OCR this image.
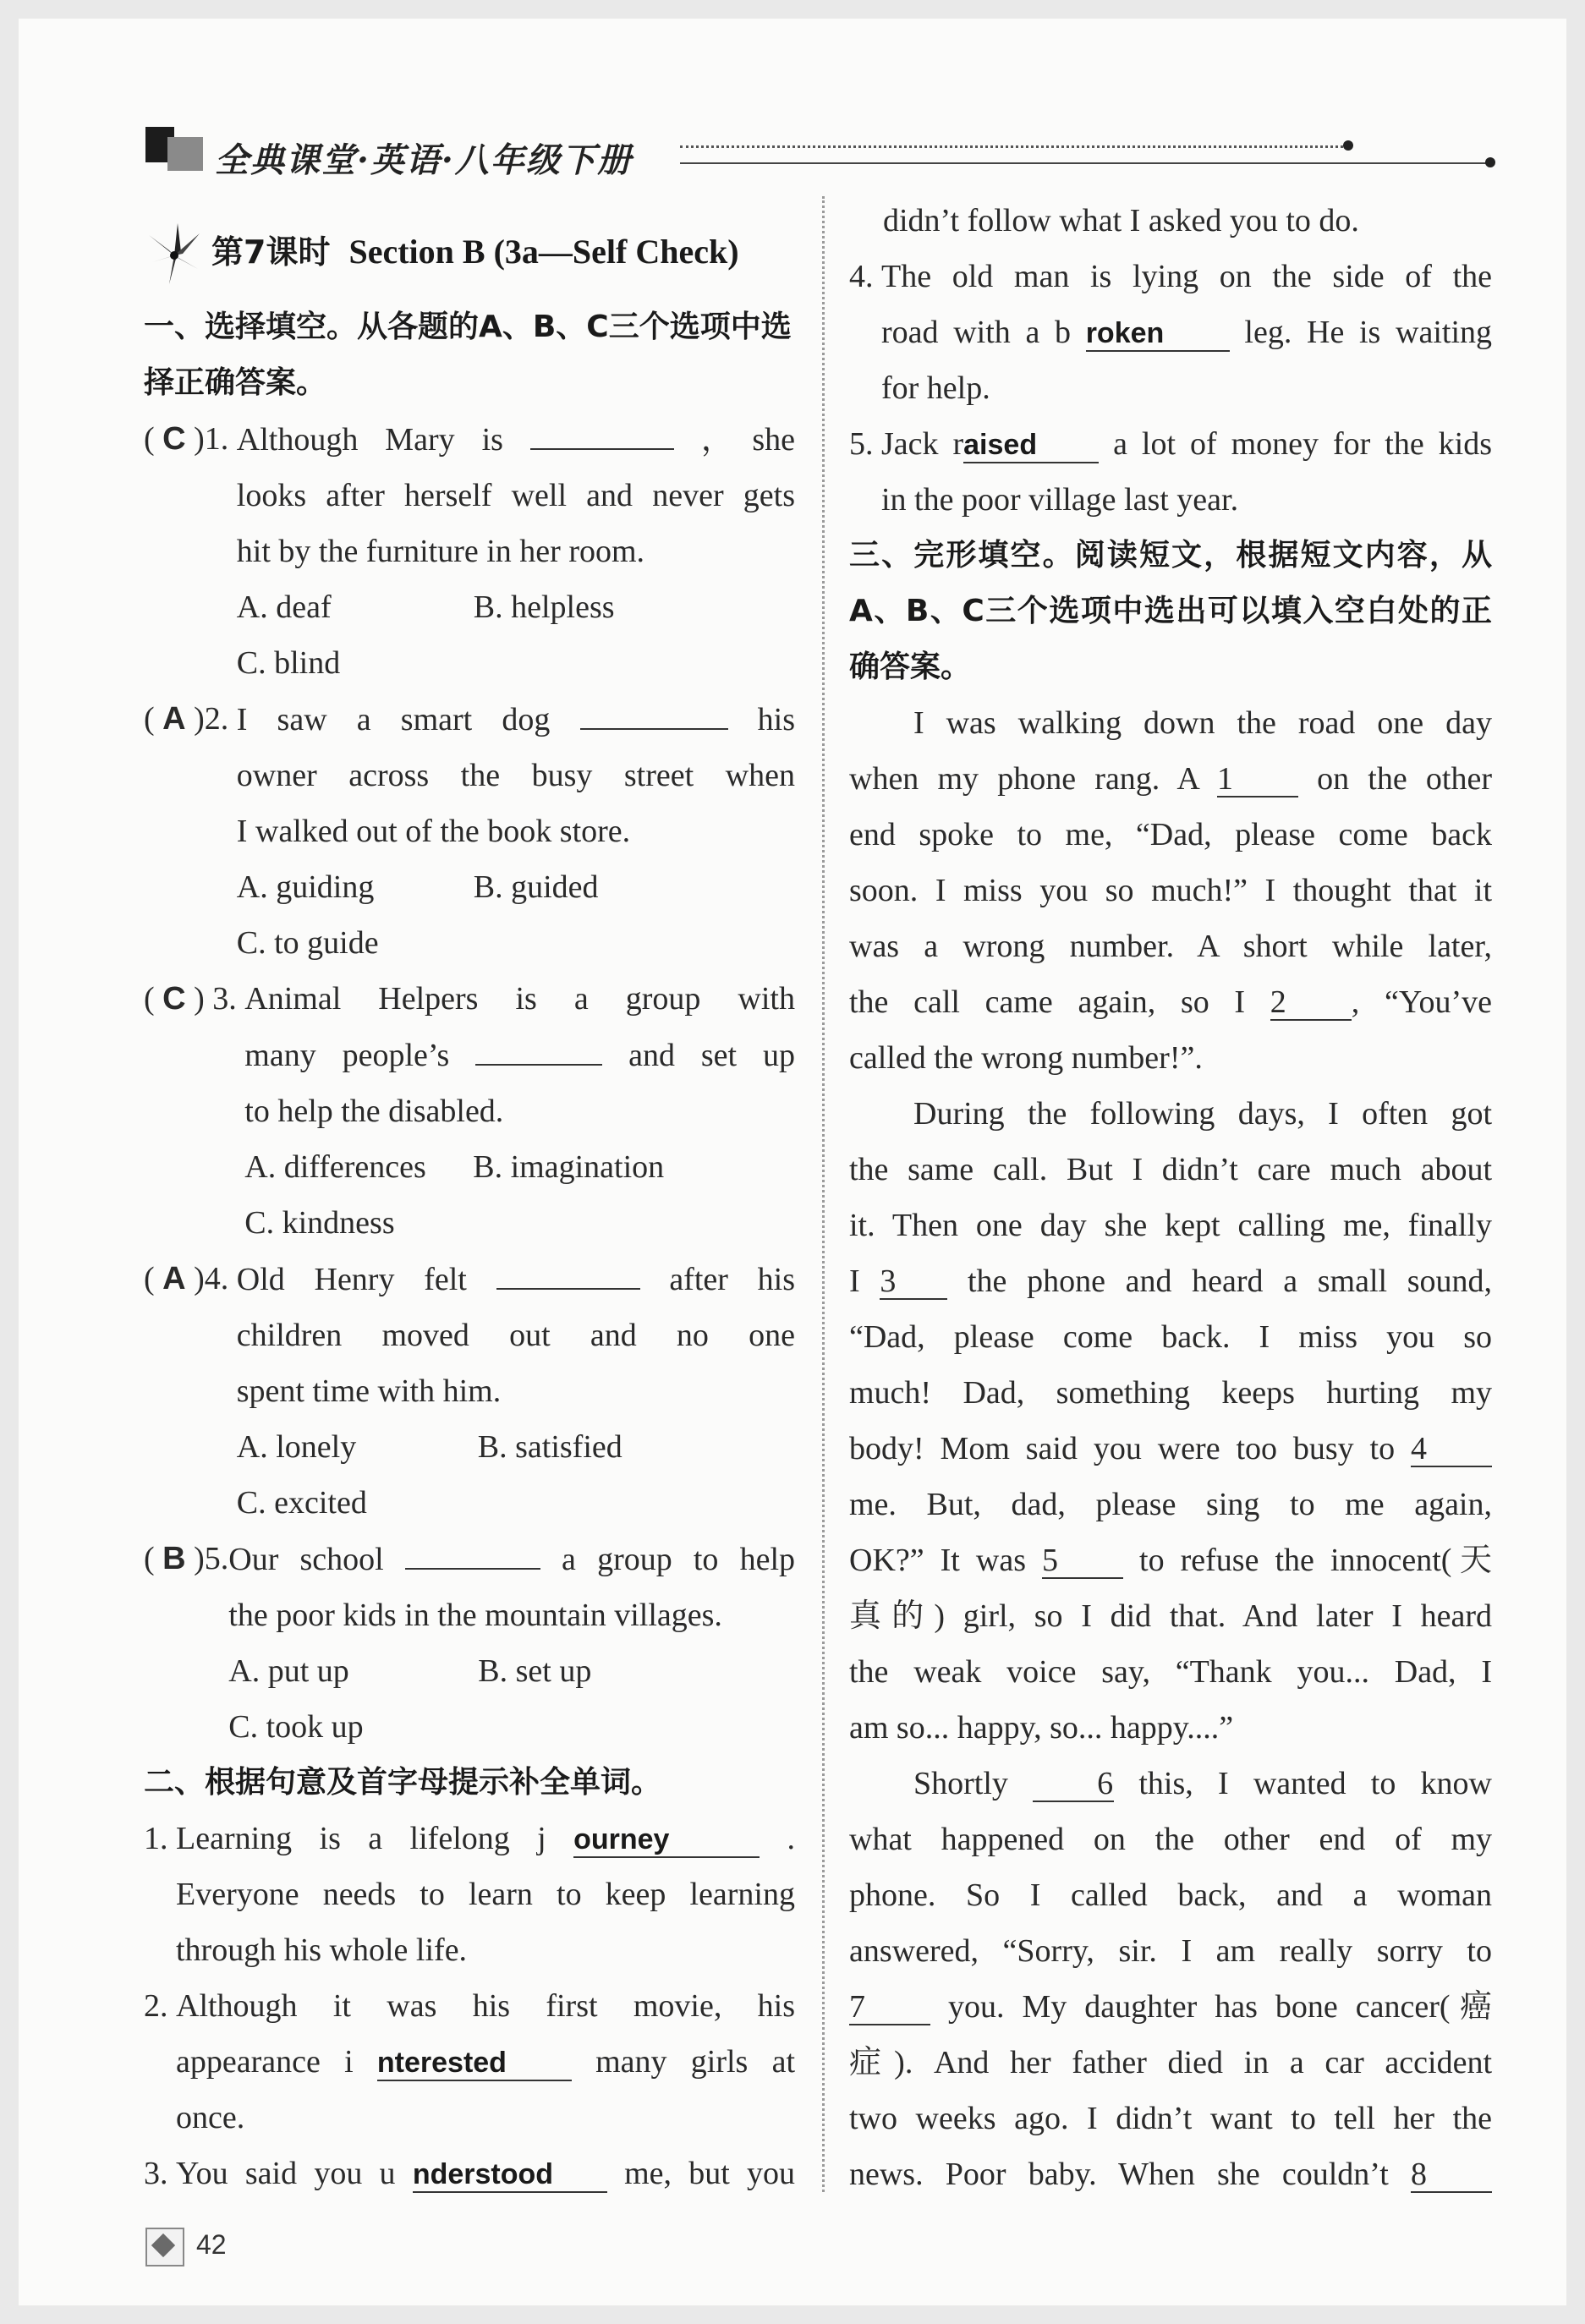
全典课堂·英语·八年级下册
第7课时 Section B (3a—Self Check)
一、选择填空。从各题的A、B、C三个选项中选择正确答案。
( C )1. Although Mary is	，she
looks after herself well and never gets
hit by the furniture in her room.
A. deaf	B. helpless
C. blind
( A )2. I saw a smart dog	his
owner across the busy street when
I walked out of the book store.
A. guiding	B. guided
C. to guide
( C ) 3. Animal Helpers is a group with
many people’s	and set up
to help the disabled.
A. differences	B. imagination
C. kindness
( A )4. Old Henry felt	after his
children moved out and no one
spent time with him.
A. lonely	B. satisfied
C. excited
( B )5. Our school	a group to help
the poor kids in the mountain villages.
A. put up	B. set up
C. took up
二、根据句意及首字母提示补全单词。
1.
Learning is a lifelong j ourney	.
Everyone needs to learn to keep learning
through his whole life.
2.
Although it was his first movie, his
appearance i nterested	many girls at
once.
3.
You said you u nderstood me, but you
didn’t follow what I asked you to do.
4.
The old man is lying on the side of the
road with a b roken	leg. He is waiting
for help.
5.
Jack raised a lot of money for the kids
in the poor village last year.
三、完形填空。阅读短文，根据短文内容，从A、B、C三个选项中选出可以填入空白处的正确答案。
I was walking down the road one day
when my phone rang. A 1	on the other
end spoke to me, “Dad, please come back
soon. I miss you so much!” I thought that it
was a wrong number. A short while later,
the call came again, so I 2 , “You’ve
called the wrong number!”.
During the following days, I often got
the same call. But I didn’t care much about
it. Then one day she kept calling me, finally
I 3 the phone and heard a small sound,
“Dad, please come back. I miss you so
much! Dad, something keeps hurting my
body! Mom said you were too busy to 4
me. But, dad, please sing to me again,
OK?” It was 5	to refuse the innocent(天
真的) girl, so I did that. And later I heard
the weak voice say, “Thank you... Dad, I
am so... happy, so... happy....”
Shortly	6 this, I wanted to know
what happened on the other end of my
phone. So I called back, and a woman
answered, “Sorry, sir. I am really sorry to
7	you. My daughter has bone cancer(癌
症). And her father died in a car accident
two weeks ago. I didn’t want to tell her the
news. Poor baby. When she couldn’t 8
42
